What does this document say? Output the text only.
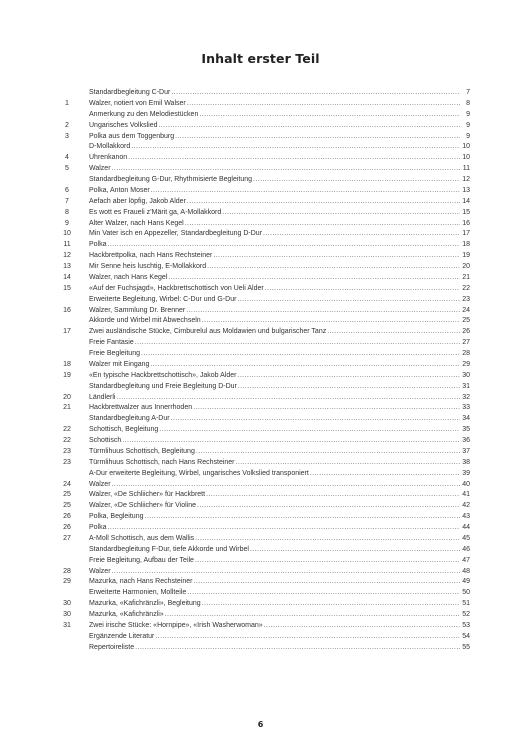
Inhalt erster Teil
Standardbegleitung C-Dur .....	7
1	Walzer, notiert von Emil Walser .....	8
Anmerkung zu den Melodiestücken .....	9
2	Ungarisches Volkslied .....	9
3	Polka aus dem Toggenburg .....	9
D-Mollakkord .....	10
4	Uhrenkanon .....	10
5	Walzer .....	11
Standardbegleitung G-Dur, Rhythmisierte Begleitung .....	12
6	Polka, Anton Moser .....	13
7	Aefach aber löpfig, Jakob Alder .....	14
8	Es wott es Fraueli z’Märit ga, A-Mollakkord .....	15
9	Alter Walzer, nach Hans Kegel .....	16
10	Min Vater isch en Appezeller, Standardbegleitung D-Dur .....	17
11	Polka .....	18
12	Hackbrettpolka, nach Hans Rechsteiner .....	19
13	Mir Senne heis luschtig, E-Mollakkord .....	20
14	Walzer, nach Hans Kegel .....	21
15	«Auf der Fuchsjagd», Hackbrettschottisch von Ueli Alder .....	22
Erweiterte Begleitung, Wirbel: C-Dur und G-Dur .....	23
16	Walzer, Sammlung Dr. Brenner .....	24
Akkorde und Wirbel mit Abwechseln .....	25
17	Zwei ausländische Stücke, Cimburelul aus Moldawien und bulgarischer Tanz .....	26
Freie Fantasie .....	27
Freie Begleitung .....	28
18	Walzer mit Eingang .....	29
19	«En typische Hackbrettschottisch», Jakob Alder .....	30
Standardbegleitung und Freie Begleitung D-Dur .....	31
20	Ländlerli .....	32
21	Hackbrettwalzer aus Innerrhoden .....	33
Standardbegleitung A-Dur .....	34
22	Schottisch, Begleitung .....	35
22	Schottisch .....	36
23	Türmlihuus Schottisch, Begleitung .....	37
23	Türmlihuus Schottisch, nach Hans Rechsteiner .....	38
A-Dur erweiterte Begleitung, Wirbel, ungarisches Volkslied transponiert .....	39
24	Walzer .....	40
25	Walzer, «De Schliicher» für Hackbrett .....	41
25	Walzer, «De Schliicher» für Violine .....	42
26	Polka, Begleitung .....	43
26	Polka .....	44
27	A-Moll Schottisch, aus dem Wallis .....	45
Standardbegleitung F-Dur, tiefe Akkorde und Wirbel .....	46
Freie Begleitung, Aufbau der Teile .....	47
28	Walzer .....	48
29	Mazurka, nach Hans Rechsteiner .....	49
Erweiterte Harmonien, Mollteile .....	50
30	Mazurka, «Kafichränzli», Begleitung .....	51
30	Mazurka, «Kafichränzli» .....	52
31	Zwei irische Stücke: «Hornpipe», «Irish Washerwoman» .....	53
Ergänzende Literatur .....	54
Repertoireliste .....	55
6
